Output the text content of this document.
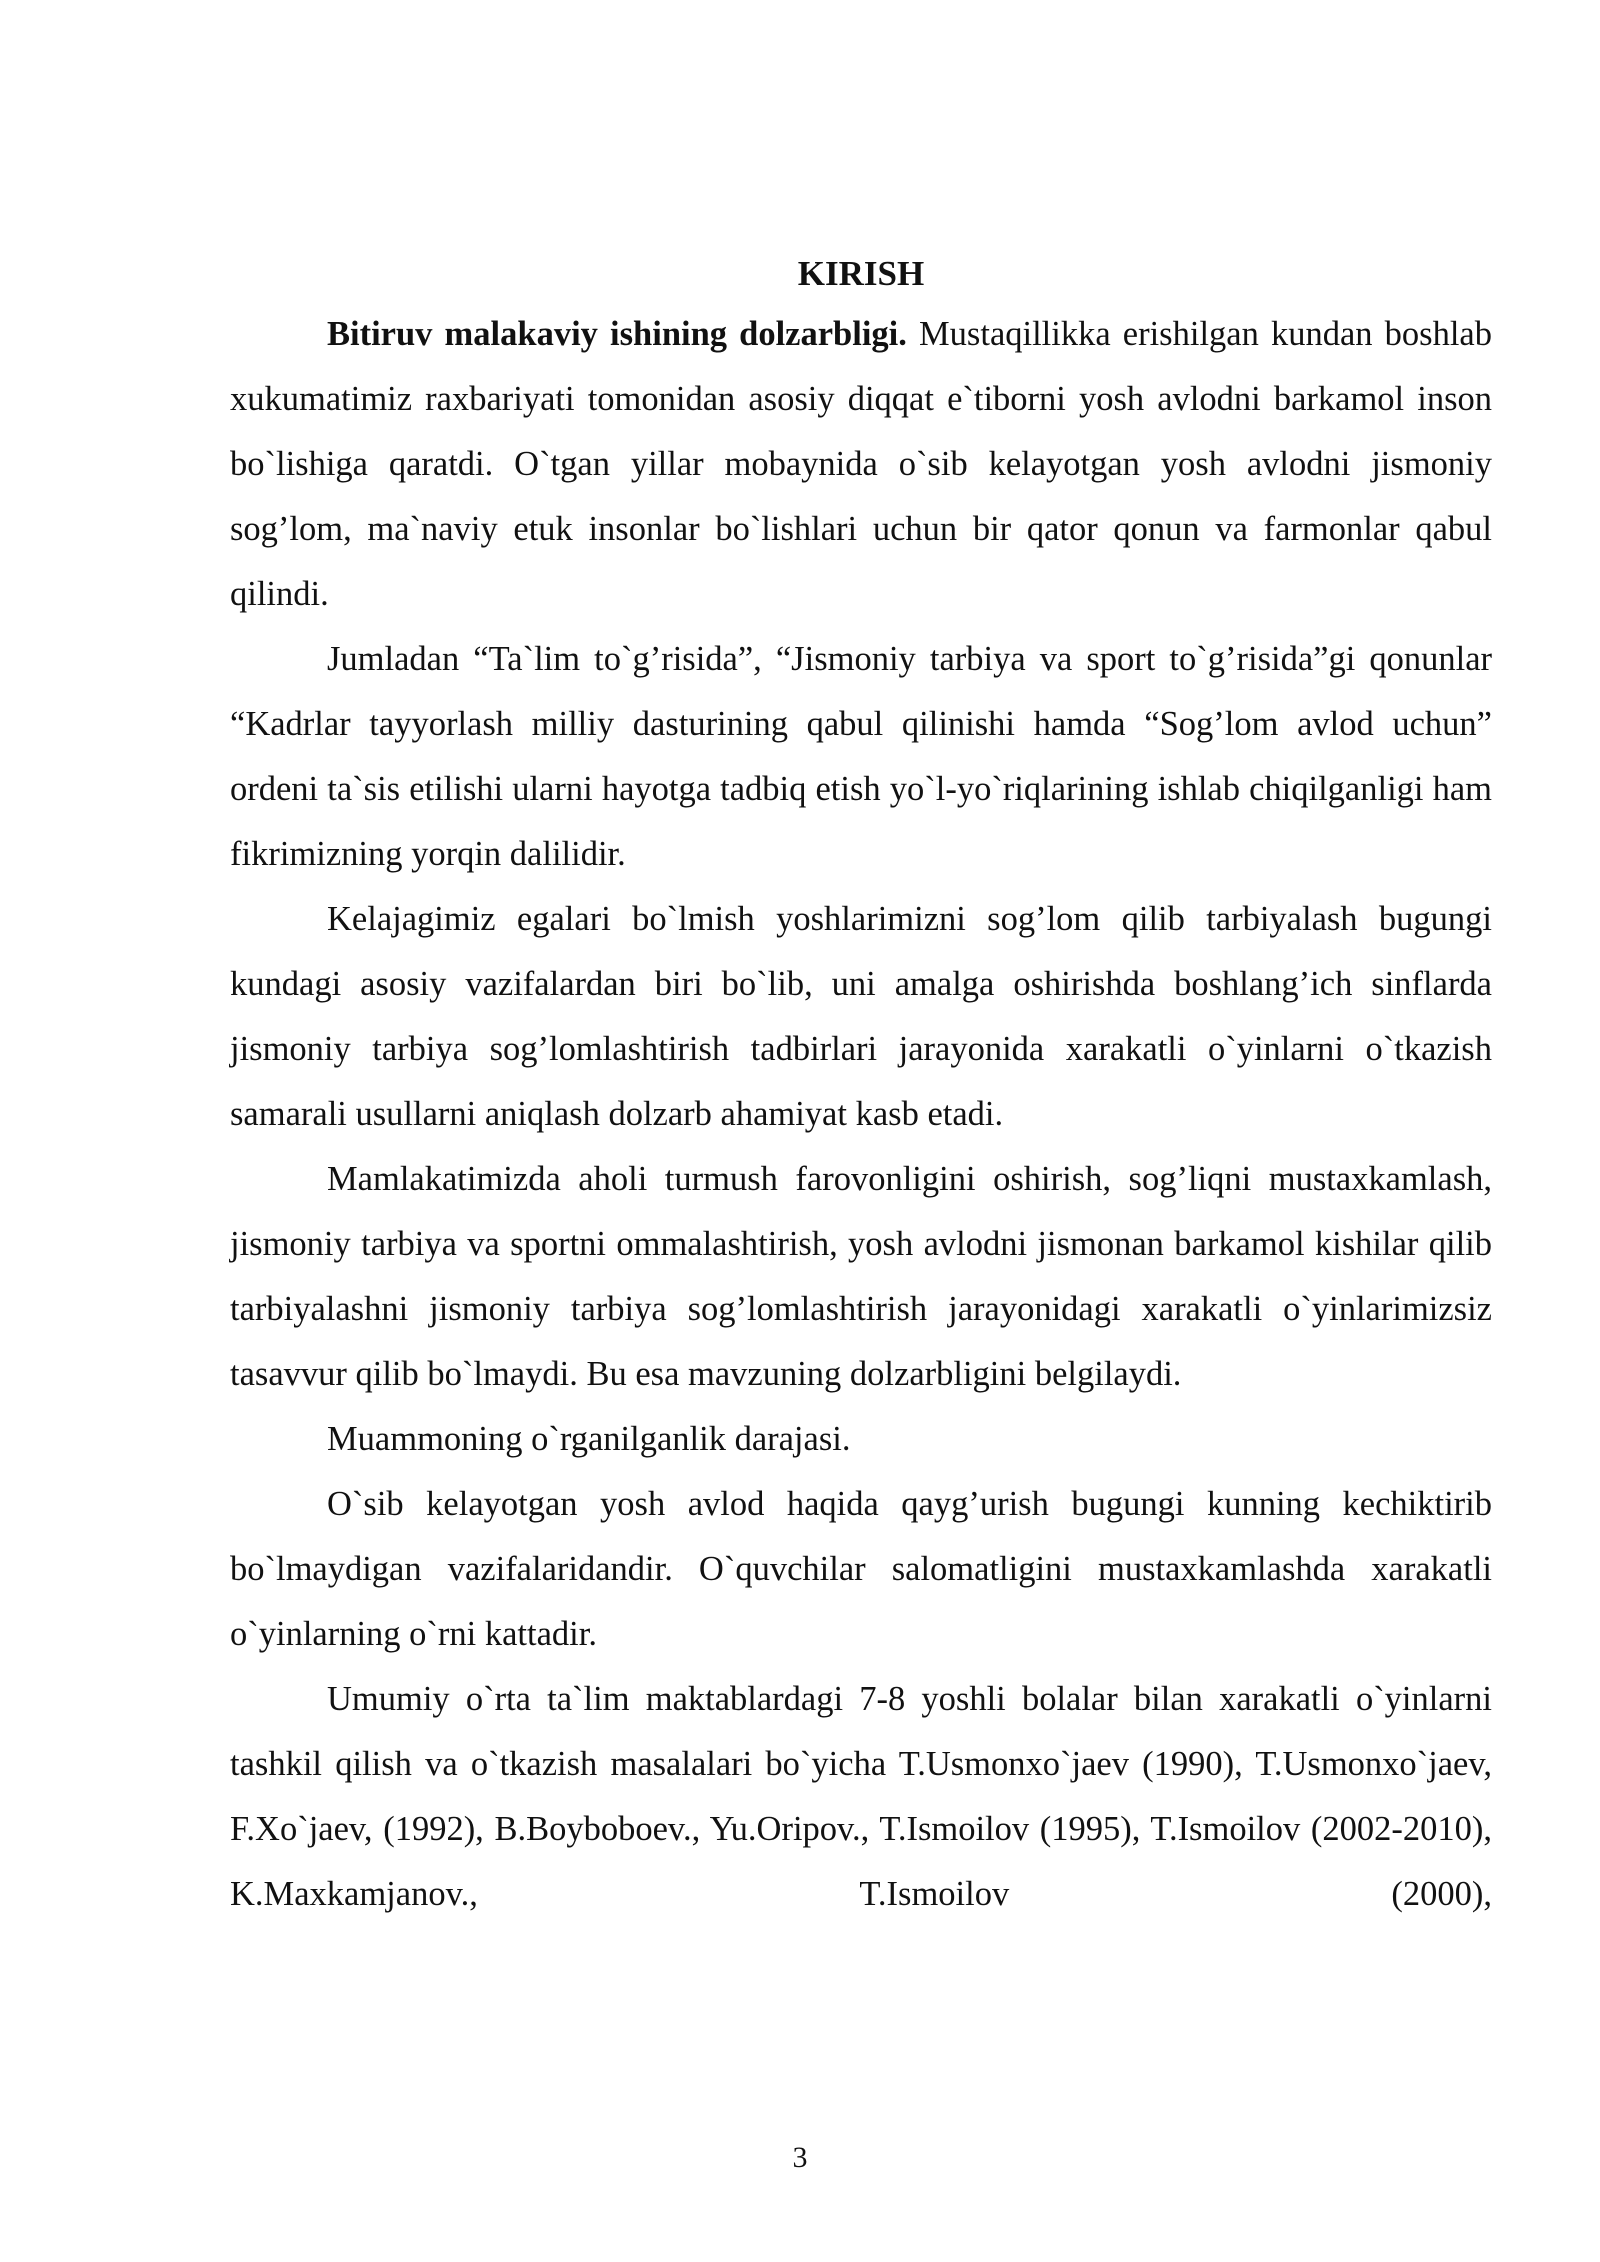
KIRISH

Bitiruv malakaviy ishining dolzarbligi. Mustaqillikka erishilgan kundan boshlab xukumatimiz raxbariyati tomonidan asosiy diqqat e`tiborni yosh avlodni barkamol inson bo`lishiga qaratdi. O`tgan yillar mobaynida o`sib kelayotgan yosh avlodni jismoniy sog’lom, ma`naviy etuk insonlar bo`lishlari uchun bir qator qonun va farmonlar qabul qilindi.

Jumladan “Ta`lim to`g’risida”, “Jismoniy tarbiya va sport to`g’risida”gi qonunlar “Kadrlar tayyorlash milliy dasturining qabul qilinishi hamda “Sog’lom avlod uchun” ordeni ta`sis etilishi ularni hayotga tadbiq etish yo`l-yo`riqlarining ishlab chiqilganligi ham fikrimizning yorqin dalilidir.

Kelajagimiz egalari bo`lmish yoshlarimizni sog’lom qilib tarbiyalash bugungi kundagi asosiy vazifalardan biri bo`lib, uni amalga oshirishda boshlang’ich sinflarda jismoniy tarbiya sog’lomlashtirish tadbirlari jarayonida xarakatli o`yinlarni o`tkazish samarali usullarni aniqlash dolzarb ahamiyat kasb etadi.

Mamlakatimizda aholi turmush farovonligini oshirish, sog’liqni mustaxkamlash, jismoniy tarbiya va sportni ommalashtirish, yosh avlodni jismonan barkamol kishilar qilib tarbiyalashni jismoniy tarbiya sog’lomlashtirish jarayonidagi xarakatli o`yinlarimizsiz tasavvur qilib bo`lmaydi. Bu esa mavzuning dolzarbligini belgilaydi.

Muammoning o`rganilganlik darajasi.

O`sib kelayotgan yosh avlod haqida qayg’urish bugungi kunning kechiktirib bo`lmaydigan vazifalaridandir. O`quvchilar salomatligini mustaxkamlashda xarakatli o`yinlarning o`rni kattadir.

Umumiy o`rta ta`lim maktablardagi 7-8 yoshli bolalar bilan xarakatli o`yinlarni tashkil qilish va o`tkazish masalalari bo`yicha T.Usmonxo`jaev (1990), T.Usmonxo`jaev, F.Xo`jaev, (1992), B.Boyboboev., Yu.Oripov., T.Ismoilov (1995), T.Ismoilov (2002-2010), K.Maxkamjanov., T.Ismoilov (2000),

3
